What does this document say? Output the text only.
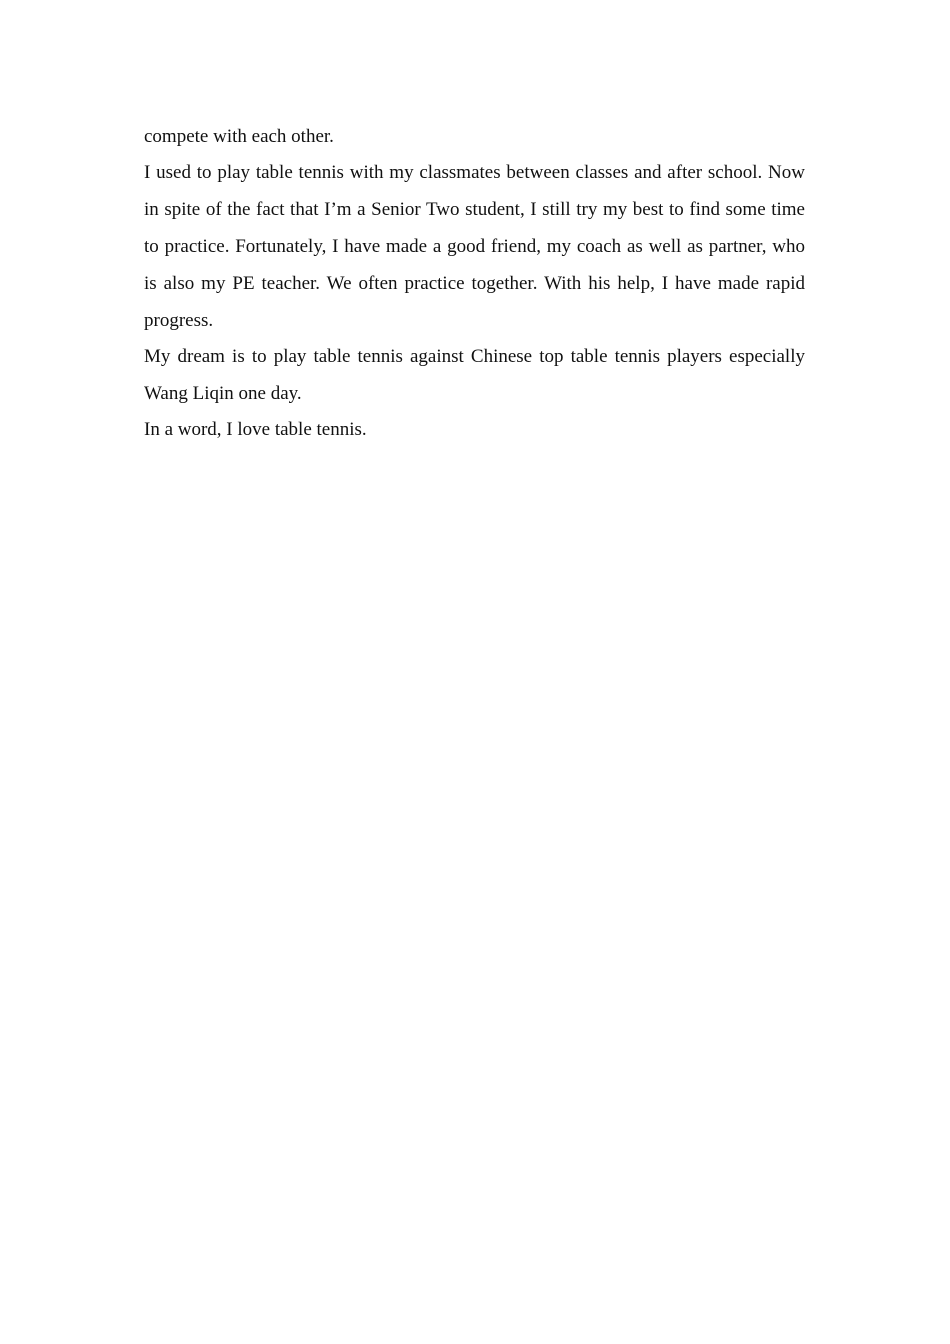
compete with each other.

I used to play table tennis with my classmates between classes and after school. Now in spite of the fact that I’m a Senior Two student, I still try my best to find some time to practice. Fortunately, I have made a good friend, my coach as well as partner, who is also my PE teacher. We often practice together. With his help, I have made rapid progress.

My dream is to play table tennis against Chinese top table tennis players especially Wang Liqin one day.

In a word, I love table tennis.
